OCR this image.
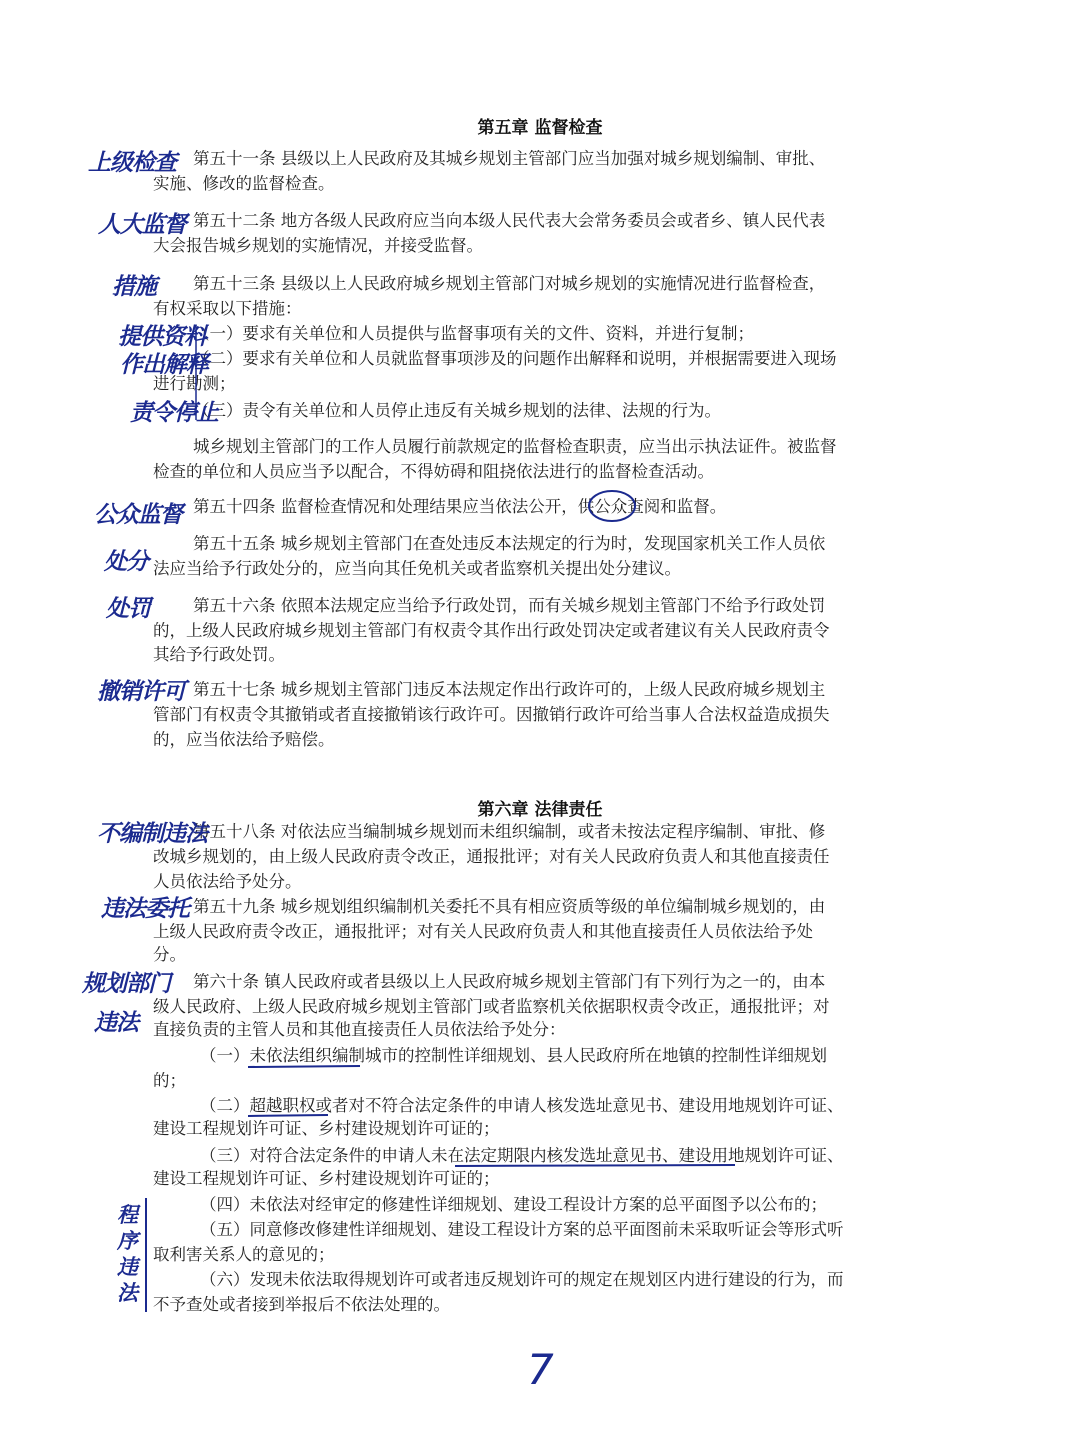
第五章 监督检查
第五十一条 县级以上人民政府及其城乡规划主管部门应当加强对城乡规划编制、审批、
实施、修改的监督检查。
第五十二条 地方各级人民政府应当向本级人民代表大会常务委员会或者乡、镇人民代表
大会报告城乡规划的实施情况，并接受监督。
第五十三条 县级以上人民政府城乡规划主管部门对城乡规划的实施情况进行监督检查，
有权采取以下措施：
（一）要求有关单位和人员提供与监督事项有关的文件、资料，并进行复制；
（二）要求有关单位和人员就监督事项涉及的问题作出解释和说明，并根据需要进入现场
进行勘测；
（三）责令有关单位和人员停止违反有关城乡规划的法律、法规的行为。
城乡规划主管部门的工作人员履行前款规定的监督检查职责，应当出示执法证件。被监督
检查的单位和人员应当予以配合，不得妨碍和阻挠依法进行的监督检查活动。
第五十四条 监督检查情况和处理结果应当依法公开，供公众查阅和监督。
第五十五条 城乡规划主管部门在查处违反本法规定的行为时，发现国家机关工作人员依
法应当给予行政处分的，应当向其任免机关或者监察机关提出处分建议。
第五十六条 依照本法规定应当给予行政处罚，而有关城乡规划主管部门不给予行政处罚
的，上级人民政府城乡规划主管部门有权责令其作出行政处罚决定或者建议有关人民政府责令
其给予行政处罚。
第五十七条 城乡规划主管部门违反本法规定作出行政许可的，上级人民政府城乡规划主
管部门有权责令其撤销或者直接撤销该行政许可。因撤销行政许可给当事人合法权益造成损失
的，应当依法给予赔偿。
第六章 法律责任
第五十八条 对依法应当编制城乡规划而未组织编制，或者未按法定程序编制、审批、修
改城乡规划的，由上级人民政府责令改正，通报批评；对有关人民政府负责人和其他直接责任
人员依法给予处分。
第五十九条 城乡规划组织编制机关委托不具有相应资质等级的单位编制城乡规划的，由
上级人民政府责令改正，通报批评；对有关人民政府负责人和其他直接责任人员依法给予处
分。
第六十条 镇人民政府或者县级以上人民政府城乡规划主管部门有下列行为之一的，由本
级人民政府、上级人民政府城乡规划主管部门或者监察机关依据职权责令改正，通报批评；对
直接负责的主管人员和其他直接责任人员依法给予处分：
（一）未依法组织编制城市的控制性详细规划、县人民政府所在地镇的控制性详细规划
的；
（二）超越职权或者对不符合法定条件的申请人核发选址意见书、建设用地规划许可证、
建设工程规划许可证、乡村建设规划许可证的；
（三）对符合法定条件的申请人未在法定期限内核发选址意见书、建设用地规划许可证、
建设工程规划许可证、乡村建设规划许可证的；
（四）未依法对经审定的修建性详细规划、建设工程设计方案的总平面图予以公布的；
（五）同意修改修建性详细规划、建设工程设计方案的总平面图前未采取听证会等形式听
取利害关系人的意见的；
（六）发现未依法取得规划许可或者违反规划许可的规定在规划区内进行建设的行为，而
不予查处或者接到举报后不依法处理的。
上级检查
人大监督
措施
提供资料
作出解释
责令停止
公众监督
处分
处罚
撤销许可
不编制违法
违法委托
规划部门
违法
程序违法
7
